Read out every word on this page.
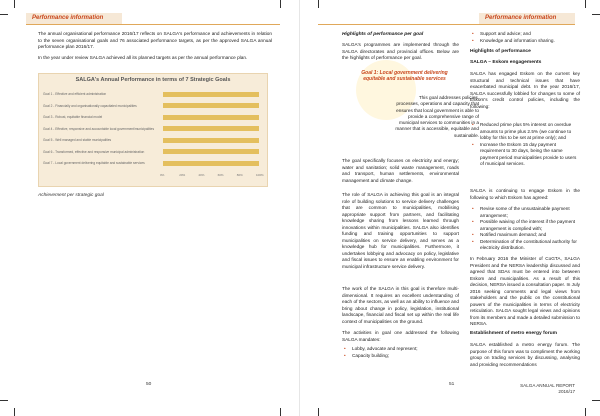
Performance information

The annual organisational performance 2016/17 reflects on SALGA's performance and achievements in relation to the seven organisational goals and 76 associated performance targets, as per the approved SALGA annual performance plan 2016/17.

In the year under review SALGA achieved all its planned targets as per the annual performance plan.

SALGA's Annual Performance in terms of 7 Strategic Goals
Goal 1 - Effective and efficient administration
Goal 2 - Financially and organisationally capacitated municipalities
Goal 3 - Robust, equitable financial model
Goal 4 - Effective, responsive and accountable local government/municipalities
Goal 5 - Well managed and stable municipalities
Goal 6 - Transformed, effective and responsive municipal administration
Goal 7 - Local government delivering equitable and sustainable services
0%	20%	40%	60%	80%	100%
Achievement per strategic goal
50
Performance information

Highlights of performance per goal

SALGA's programmes are implemented through the SALGA directorates and provincial offices. Below are the highlights of performance per goal.

Goal 1: Local government delivering equitable and sustainable services
This goal addresses policies, processes, operations and capacity that ensures that local government is able to provide a comprehensive range of municipal services to communities in a manner that is accessible, equitable and sustainable.

The goal specifically focuses on electricity and energy; water and sanitation; solid waste management, roads and transport, human settlements, environmental management and climate change.

The role of SALGA in achieving this goal is an integral role of building solutions to service delivery challenges that are common to municipalities, mobilising appropriate support from partners, and facilitating knowledge sharing from lessons learned through innovations within municipalities. SALGA also identifies funding and training opportunities to support municipalities on service delivery, and serves as a knowledge hub for municipalities. Furthermore, it undertakes lobbying and advocacy on policy, legislative and fiscal issues to ensure an enabling environment for municipal infrastructure service delivery.

The work of the SALGA in this goal is therefore multi-dimensional. It requires an excellent understanding of each of the sectors, as well as an ability to influence and bring about change in policy, legislation, institutional landscape, financial and fiscal set up within the real life context of municipalities on the ground.

The activities in goal one addressed the following SALGA mandates:

• Lobby, advocate and represent;
• Capacity building;
• Support and advice; and
• Knowledge and information sharing.

Highlights of performance

SALGA – Eskom engagements

SALGA has engaged Eskom on the current key structural and technical issues that have exacerbated municipal debt. In the year 2016/17, SALGA successfully lobbied for changes to some of Eskom's credit control policies, including the following:

• Reduced prime plus 5% interest on overdue amounts to prime plus 2.5% (we continue to lobby for this to be set at prime only); and
• Increase the Eskom 15 day payment requirement to 30 days, being the same payment period municipalities provide to users of municipal services.

SALGA is continuing to engage Eskom in the following to which Eskom has agreed:

• Revise some of the unsustainable payment arrangement;
• Possible waiving of the interest if the payment arrangement is complied with;
• Notified maximum demand; and
• Determination of the constitutional authority for electricity distribution.

In February 2016 the Minister of CoGTA, SALGA President and the NERSA leadership discussed and agreed that SDAs must be entered into between Eskom and municipalities. As a result of this decision, NERSA issued a consultation paper. In July 2016 seeking comments and legal views from stakeholders and the public on the constitutional powers of the municipalities in terms of electricity reticulation. SALGA sought legal views and opinions from its members and made a detailed submission to NERSA.

Establishment of metro energy forum

SALGA established a metro energy forum. The purpose of this forum was to compliment the working group on trading services by discussing, analysing and providing recommendations

51	SALGA ANNUAL REPORT
2016/17
